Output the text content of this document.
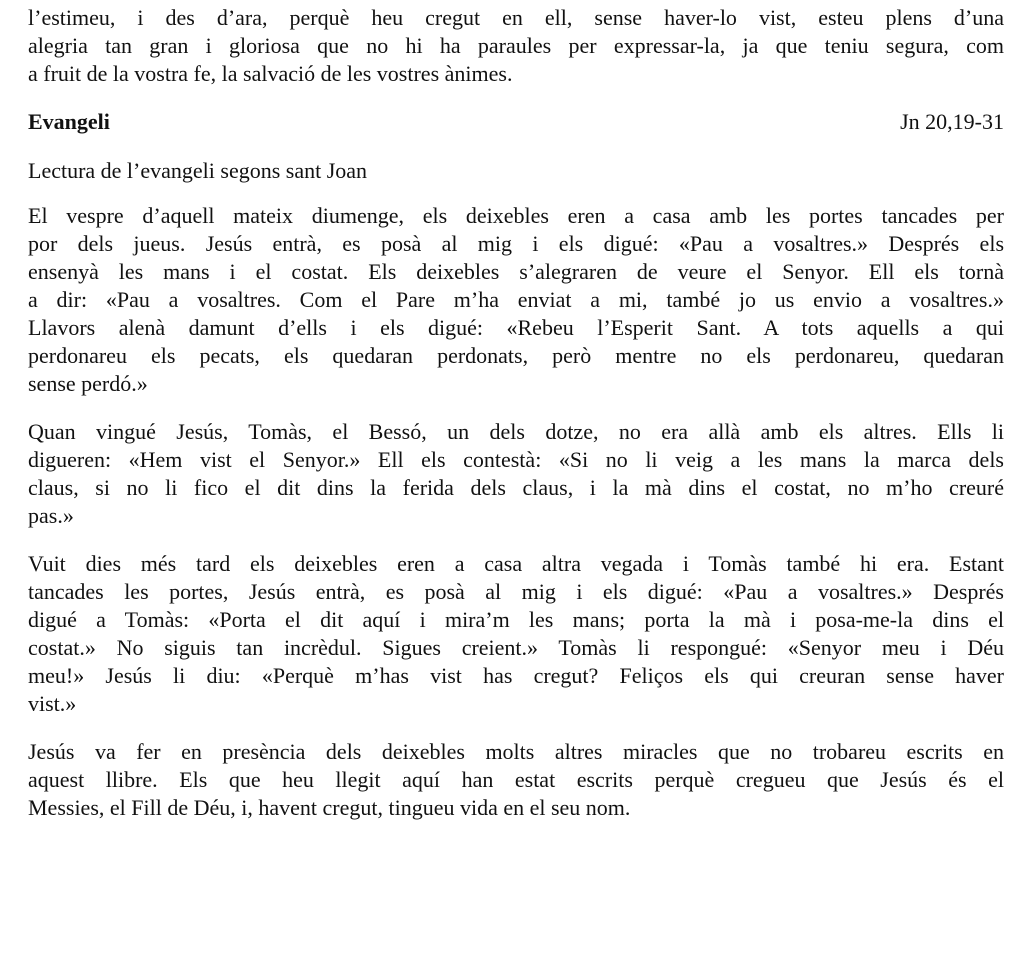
l’estimeu, i des d’ara, perquè heu cregut en ell, sense haver-lo vist, esteu plens d’una
alegria tan gran i gloriosa que no hi ha paraules per expressar-la, ja que teniu segura, com
a fruit de la vostra fe, la salvació de les vostres ànimes.
Evangeli	Jn 20,19-31
Lectura de l’evangeli segons sant Joan
El vespre d’aquell mateix diumenge, els deixebles eren a casa amb les portes tancades per
por dels jueus. Jesús entrà, es posà al mig i els digué: «Pau a vosaltres.» Després els
ensenyà les mans i el costat. Els deixebles s’alegraren de veure el Senyor. Ell els tornà
a dir: «Pau a vosaltres. Com el Pare m’ha enviat a mi, també jo us envio a vosaltres.»
Llavors alenà damunt d’ells i els digué: «Rebeu l’Esperit Sant. A tots aquells a qui
perdonareu els pecats, els quedaran perdonats, però mentre no els perdonareu, quedaran
sense perdó.»
Quan vingué Jesús, Tomàs, el Bessó, un dels dotze, no era allà amb els altres. Ells li
digueren: «Hem vist el Senyor.» Ell els contestà: «Si no li veig a les mans la marca dels
claus, si no li fico el dit dins la ferida dels claus, i la mà dins el costat, no m’ho creuré
pas.»
Vuit dies més tard els deixebles eren a casa altra vegada i Tomàs també hi era. Estant
tancades les portes, Jesús entrà, es posà al mig i els digué: «Pau a vosaltres.» Després
digué a Tomàs: «Porta el dit aquí i mira’m les mans; porta la mà i posa-me-la dins el
costat.» No siguis tan incrèdul. Sigues creient.» Tomàs li respongué: «Senyor meu i Déu
meu!» Jesús li diu: «Perquè m’has vist has cregut? Feliços els qui creuran sense haver
vist.»
Jesús va fer en presència dels deixebles molts altres miracles que no trobareu escrits en
aquest llibre. Els que heu llegit aquí han estat escrits perquè cregueu que Jesús és el
Messies, el Fill de Déu, i, havent cregut, tingueu vida en el seu nom.
